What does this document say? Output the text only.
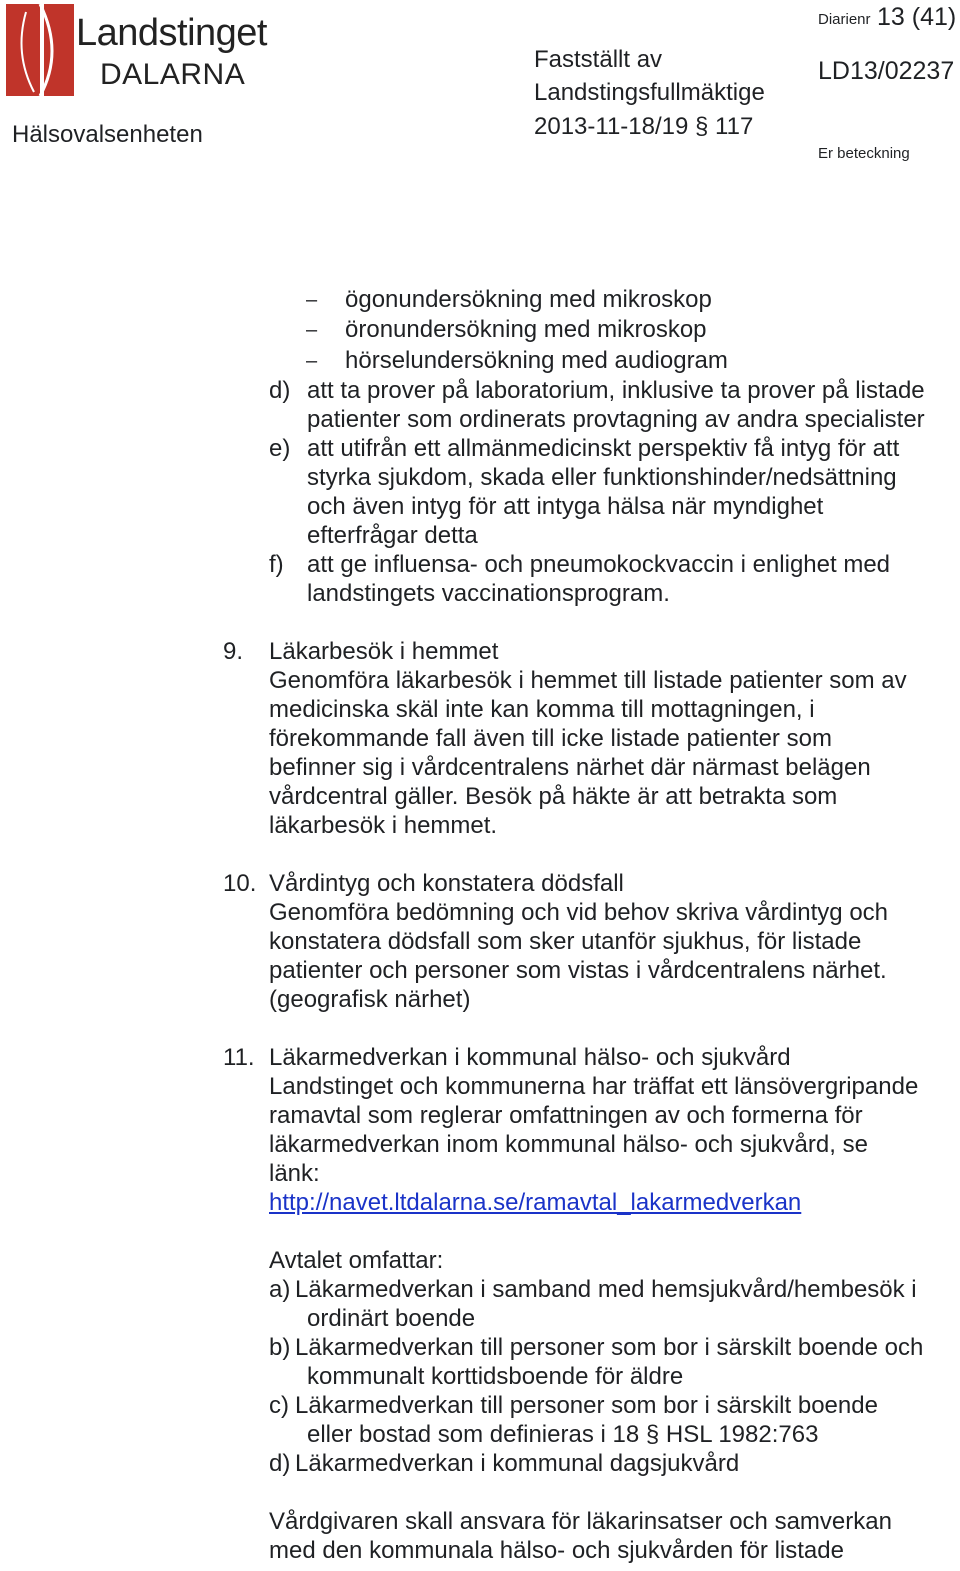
Landstinget
DALARNA
Hälsovalsenheten
Fastställt av
Landstingsfullmäktige
2013-11-18/19 § 117
Diarienr 13 (41)
LD13/02237
Er beteckning
– ögonundersökning med mikroskop
– öronundersökning med mikroskop
– hörselundersökning med audiogram
d) att ta prover på laboratorium, inklusive ta prover på listade
patienter som ordinerats provtagning av andra specialister
e) att utifrån ett allmänmedicinskt perspektiv få intyg för att
styrka sjukdom, skada eller funktionshinder/nedsättning
och även intyg för att intyga hälsa när myndighet
efterfrågar detta
f) att ge influensa- och pneumokockvaccin i enlighet med
landstingets vaccinationsprogram.
9. Läkarbesök i hemmet
Genomföra läkarbesök i hemmet till listade patienter som av
medicinska skäl inte kan komma till mottagningen, i
förekommande fall även till icke listade patienter som
befinner sig i vårdcentralens närhet där närmast belägen
vårdcentral gäller. Besök på häkte är att betrakta som
läkarbesök i hemmet.
10. Vårdintyg och konstatera dödsfall
Genomföra bedömning och vid behov skriva vårdintyg och
konstatera dödsfall som sker utanför sjukhus, för listade
patienter och personer som vistas i vårdcentralens närhet.
(geografisk närhet)
11. Läkarmedverkan i kommunal hälso- och sjukvård
Landstinget och kommunerna har träffat ett länsövergripande
ramavtal som reglerar omfattningen av och formerna för
läkarmedverkan inom kommunal hälso- och sjukvård, se
länk:
http://navet.ltdalarna.se/ramavtal_lakarmedverkan
Avtalet omfattar:
a) Läkarmedverkan i samband med hemsjukvård/hembesök i
ordinärt boende
b) Läkarmedverkan till personer som bor i särskilt boende och
kommunalt korttidsboende för äldre
c) Läkarmedverkan till personer som bor i särskilt boende
eller bostad som definieras i 18 § HSL 1982:763
d) Läkarmedverkan i kommunal dagsjukvård
Vårdgivaren skall ansvara för läkarinsatser och samverkan
med den kommunala hälso- och sjukvården för listade
